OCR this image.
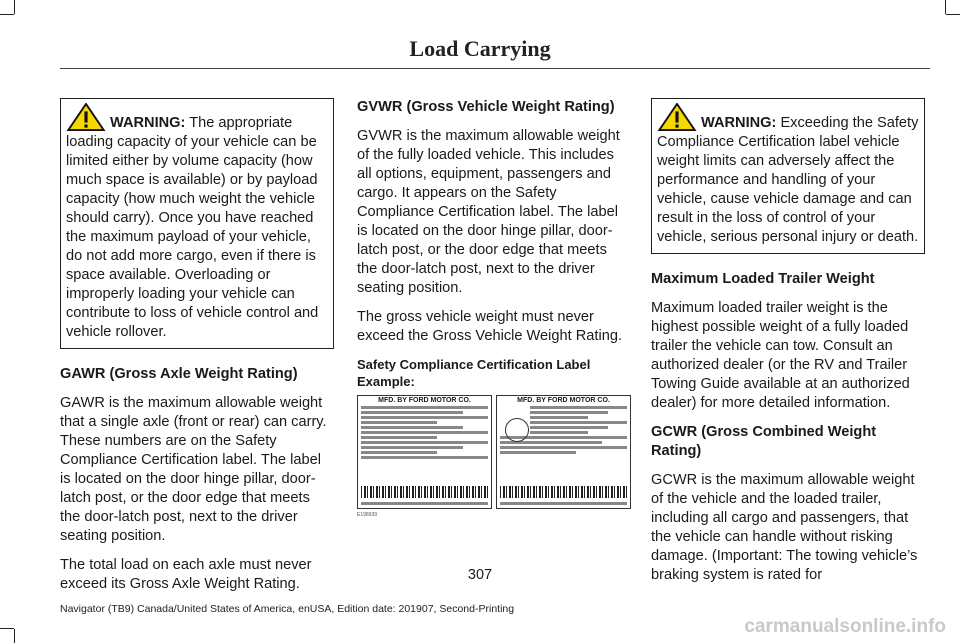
Load Carrying
WARNING: The appropriate loading capacity of your vehicle can be limited either by volume capacity (how much space is available) or by payload capacity (how much weight the vehicle should carry). Once you have reached the maximum payload of your vehicle, do not add more cargo, even if there is space available. Overloading or improperly loading your vehicle can contribute to loss of vehicle control and vehicle rollover.
GAWR (Gross Axle Weight Rating)

GAWR is the maximum allowable weight that a single axle (front or rear) can carry. These numbers are on the Safety Compliance Certification label. The label is located on the door hinge pillar, door-latch post, or the door edge that meets the door-latch post, next to the driver seating position.

The total load on each axle must never exceed its Gross Axle Weight Rating.

GVWR (Gross Vehicle Weight Rating)

GVWR is the maximum allowable weight of the fully loaded vehicle. This includes all options, equipment, passengers and cargo. It appears on the Safety Compliance Certification label. The label is located on the door hinge pillar, door-latch post, or the door edge that meets the door-latch post, next to the driver seating position.

The gross vehicle weight must never exceed the Gross Vehicle Weight Rating.

Safety Compliance Certification Label Example:
MFD. BY FORD MOTOR CO.	MFD. BY FORD MOTOR CO.
E198939
WARNING: Exceeding the Safety Compliance Certification label vehicle weight limits can adversely affect the performance and handling of your vehicle, cause vehicle damage and can result in the loss of control of your vehicle, serious personal injury or death.
Maximum Loaded Trailer Weight

Maximum loaded trailer weight is the highest possible weight of a fully loaded trailer the vehicle can tow. Consult an authorized dealer (or the RV and Trailer Towing Guide available at an authorized dealer) for more detailed information.

GCWR (Gross Combined Weight Rating)

GCWR is the maximum allowable weight of the vehicle and the loaded trailer, including all cargo and passengers, that the vehicle can handle without risking damage. (Important: The towing vehicle’s braking system is rated for

307
Navigator (TB9) Canada/United States of America, enUSA, Edition date: 201907, Second-Printing
carmanualsonline.info
